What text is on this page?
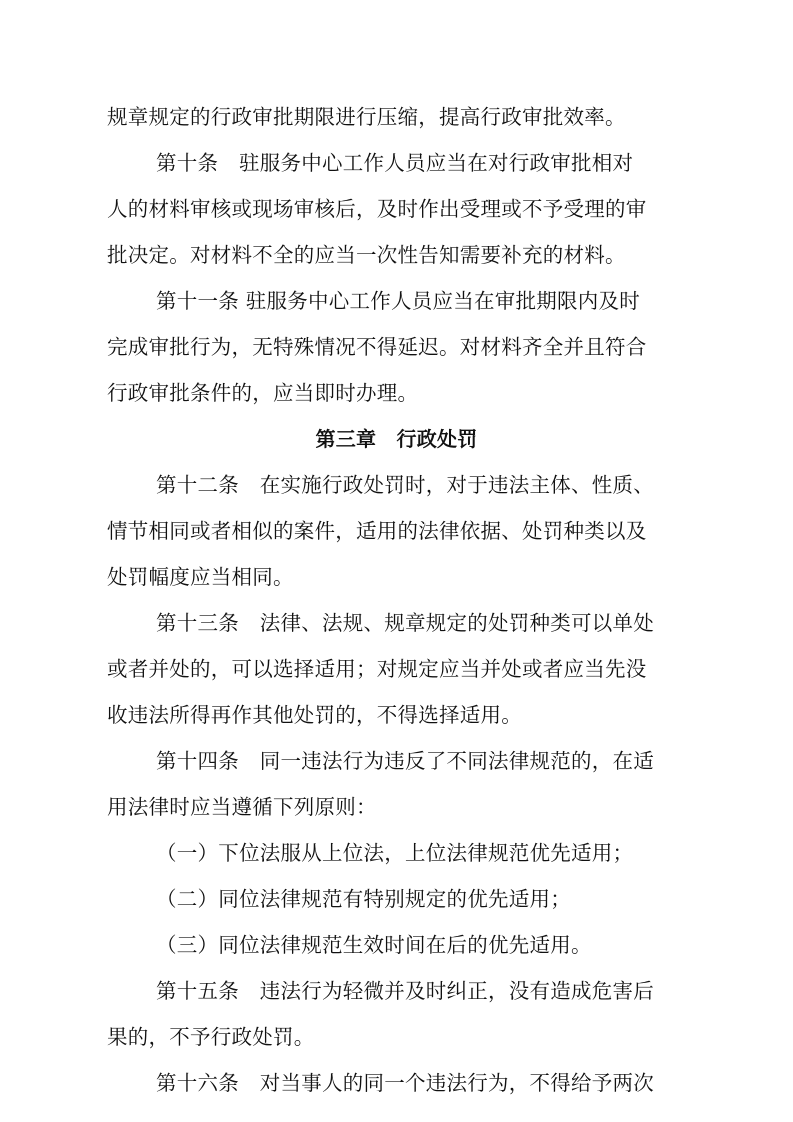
规章规定的行政审批期限进行压缩，提高行政审批效率。
第十条　驻服务中心工作人员应当在对行政审批相对
人的材料审核或现场审核后，及时作出受理或不予受理的审
批决定。对材料不全的应当一次性告知需要补充的材料。
第十一条 驻服务中心工作人员应当在审批期限内及时
完成审批行为，无特殊情况不得延迟。对材料齐全并且符合
行政审批条件的，应当即时办理。
第三章　行政处罚
第十二条　在实施行政处罚时，对于违法主体、性质、
情节相同或者相似的案件，适用的法律依据、处罚种类以及
处罚幅度应当相同。
第十三条　法律、法规、规章规定的处罚种类可以单处
或者并处的，可以选择适用；对规定应当并处或者应当先没
收违法所得再作其他处罚的，不得选择适用。
第十四条　同一违法行为违反了不同法律规范的，在适
用法律时应当遵循下列原则：
（一）下位法服从上位法，上位法律规范优先适用；
（二）同位法律规范有特别规定的优先适用；
（三）同位法律规范生效时间在后的优先适用。
第十五条　违法行为轻微并及时纠正，没有造成危害后
果的，不予行政处罚。
第十六条　对当事人的同一个违法行为，不得给予两次
